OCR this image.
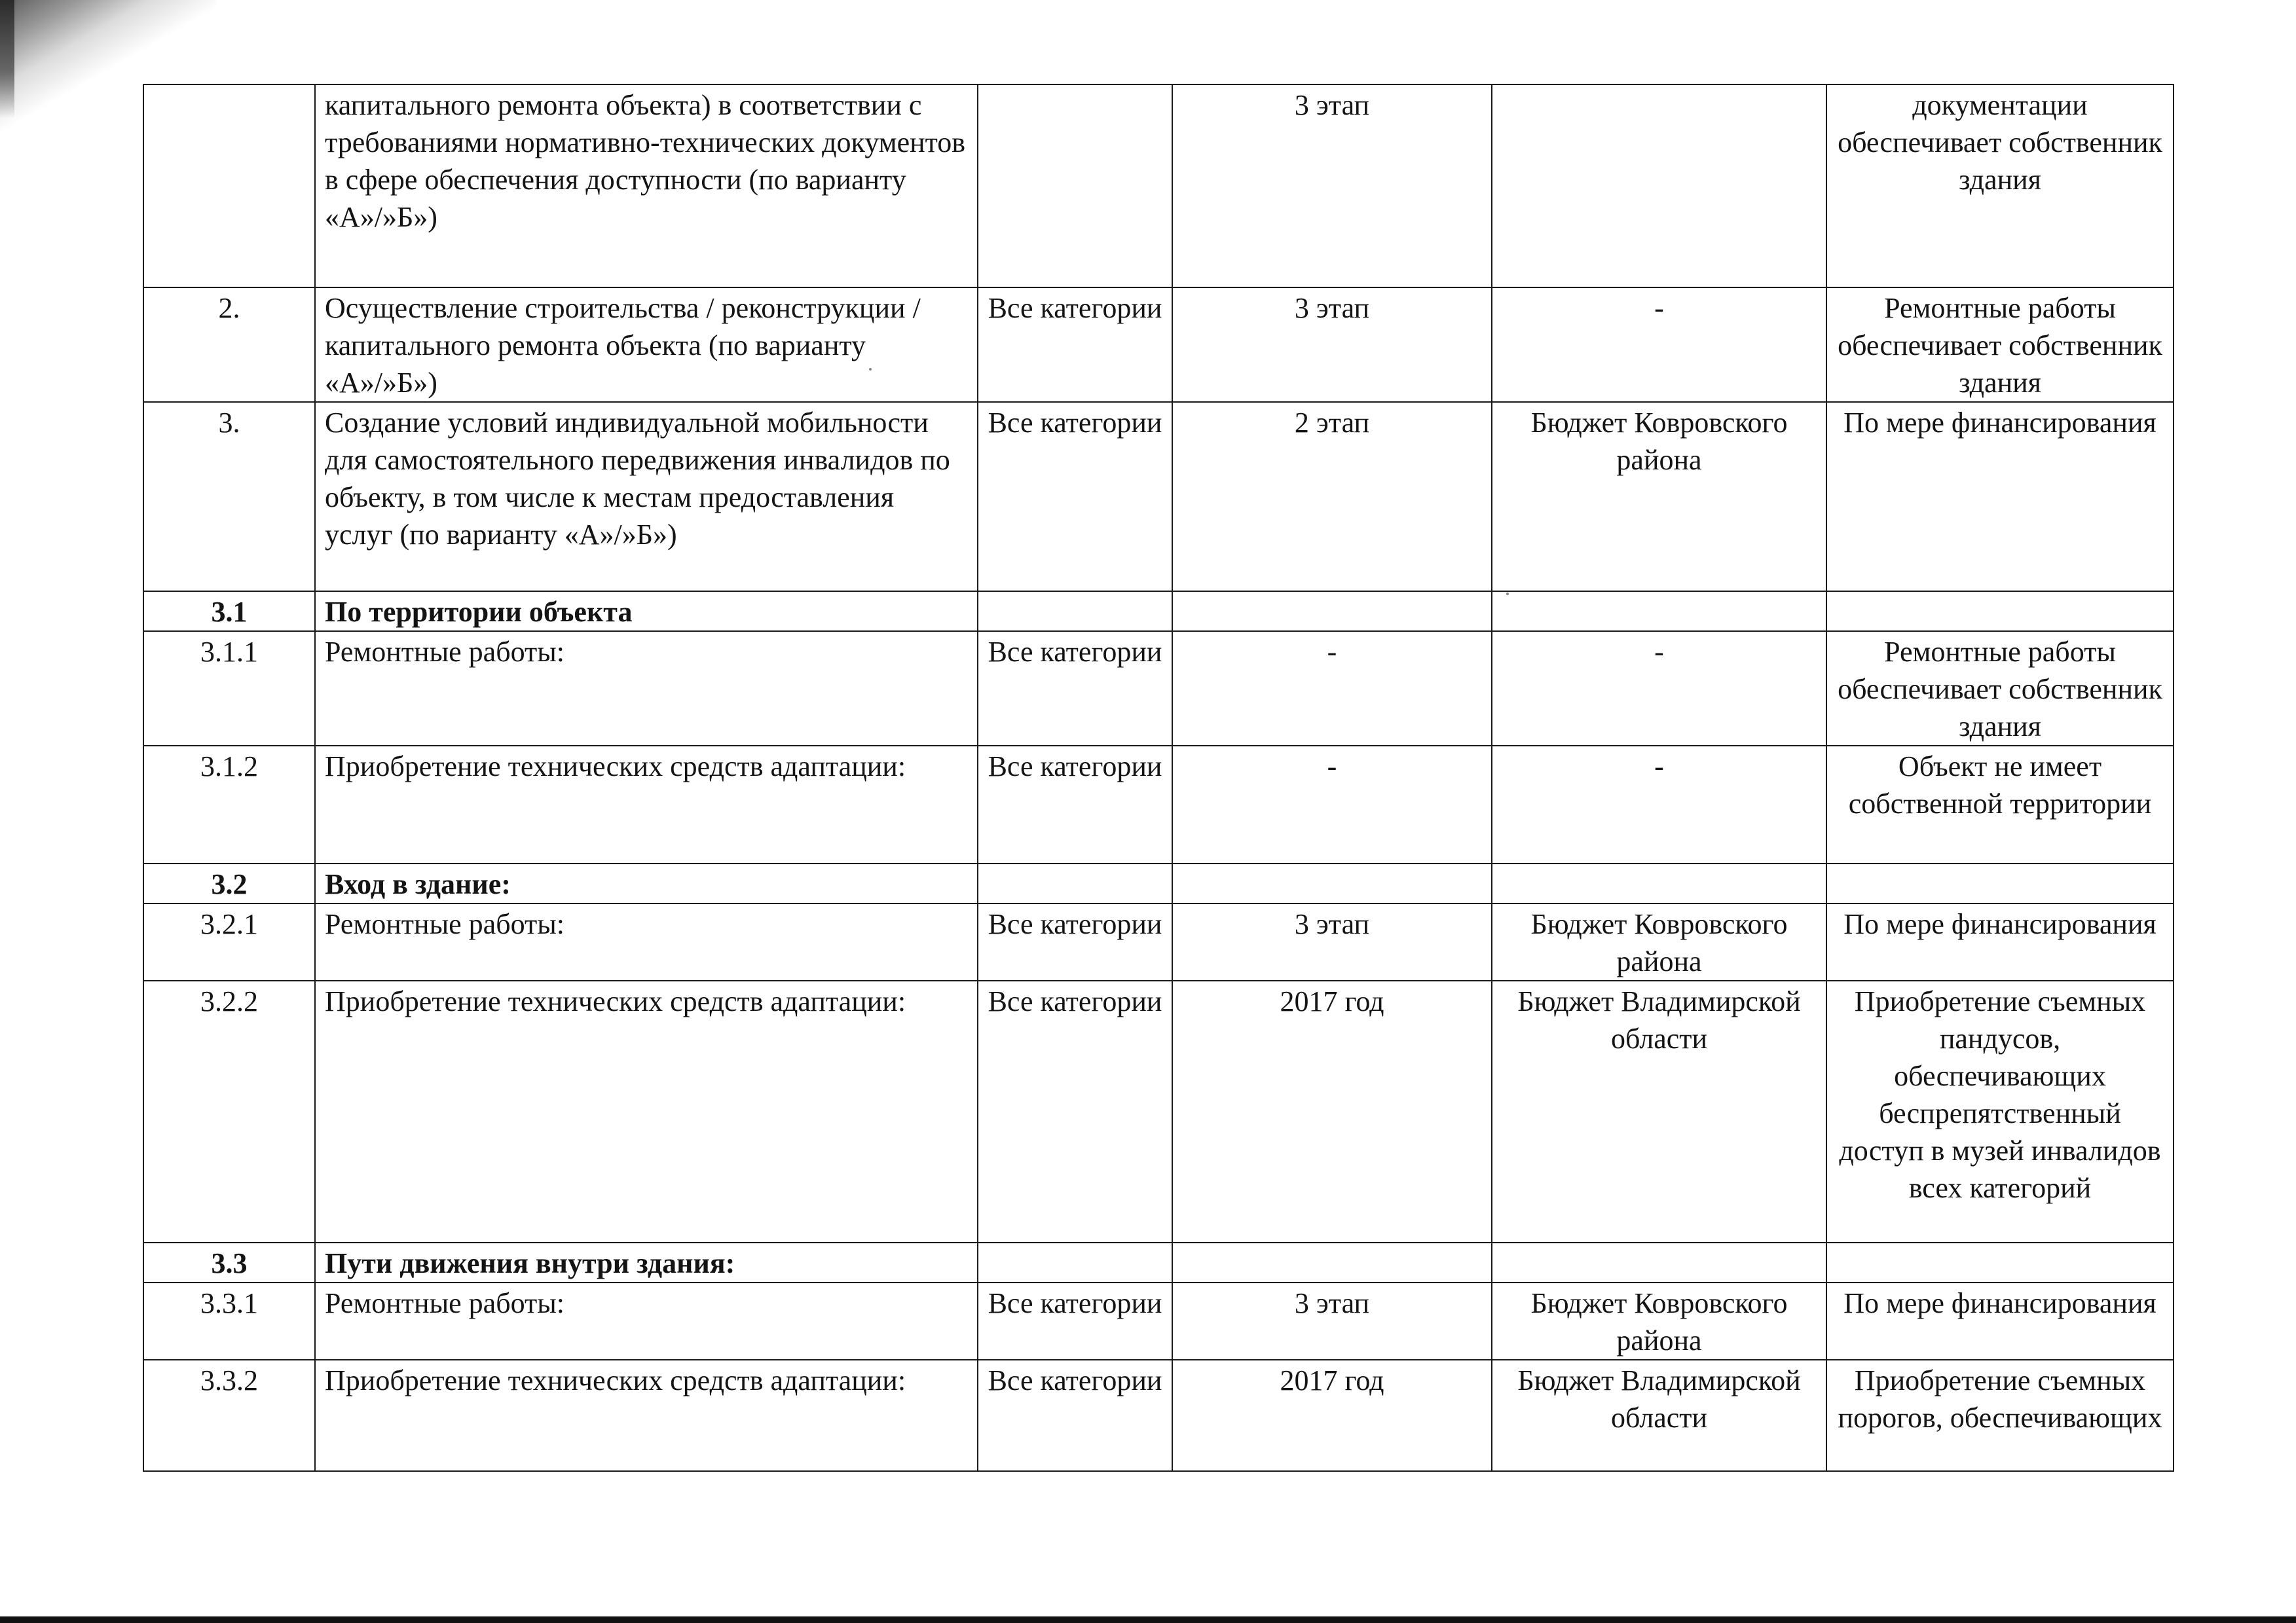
	капитального ремонта объекта) в соответствии с требованиями нормативно-технических документов в сфере обеспечения доступности (по варианту «А»/»Б»)		3 этап		документации обеспечивает собственник здания
2.	Осуществление строительства / реконструкции / капитального ремонта объекта (по варианту «А»/»Б»)	Все категории	3 этап	-	Ремонтные работы обеспечивает собственник здания
3.	Создание условий индивидуальной мобильности для самостоятельного передвижения инвалидов по объекту, в том числе к местам предоставления услуг (по варианту «А»/»Б»)	Все категории	2 этап	Бюджет Ковровского района	По мере финансирования
3.1	По территории объекта				
3.1.1	Ремонтные работы:	Все категории	-	-	Ремонтные работы обеспечивает собственник здания
3.1.2	Приобретение технических средств адаптации:	Все категории	-	-	Объект не имеет собственной территории
3.2	Вход в здание:				
3.2.1	Ремонтные работы:	Все категории	3 этап	Бюджет Ковровского района	По мере финансирования
3.2.2	Приобретение технических средств адаптации:	Все категории	2017 год	Бюджет Владимирской области	Приобретение съемных пандусов, обеспечивающих беспрепятственный доступ в музей инвалидов всех категорий
3.3	Пути движения внутри здания:				
3.3.1	Ремонтные работы:	Все категории	3 этап	Бюджет Ковровского района	По мере финансирования
3.3.2	Приобретение технических средств адаптации:	Все категории	2017 год	Бюджет Владимирской области	Приобретение съемных порогов, обеспечивающих
